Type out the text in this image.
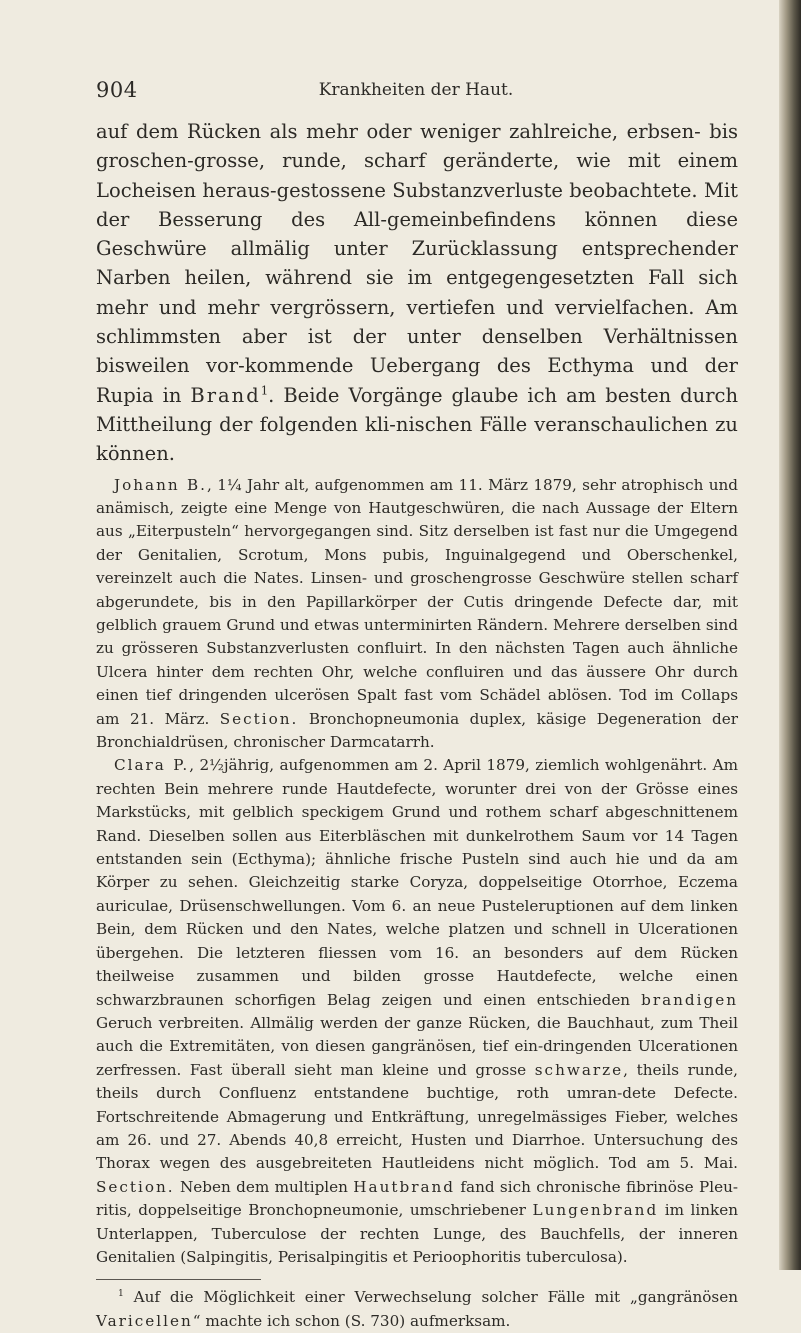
904	Krankheiten der Haut.

auf dem Rücken als mehr oder weniger zahlreiche, erbsen- bis groschen-grosse, runde, scharf geränderte, wie mit einem Locheisen heraus-gestossene Substanzverluste beobachtete. Mit der Besserung des All-gemeinbefindens können diese Geschwüre allmälig unter Zurücklassung entsprechender Narben heilen, während sie im entgegengesetzten Fall sich mehr und mehr vergrössern, vertiefen und vervielfachen. Am schlimmsten aber ist der unter denselben Verhältnissen bisweilen vor-kommende Uebergang des Ecthyma und der Rupia in Brand$^1$. Beide Vorgänge glaube ich am besten durch Mittheilung der folgenden kli-nischen Fälle veranschaulichen zu können.

Johann B., 1¼ Jahr alt, aufgenommen am 11. März 1879, sehr atrophisch und anämisch, zeigte eine Menge von Hautgeschwüren, die nach Aussage der Eltern aus „Eiterpusteln“ hervorgegangen sind. Sitz derselben ist fast nur die Umgegend der Genitalien, Scrotum, Mons pubis, Inguinalgegend und Oberschenkel, vereinzelt auch die Nates. Linsen- und groschengrosse Geschwüre stellen scharf abgerundete, bis in den Papillarkörper der Cutis dringende Defecte dar, mit gelblich grauem Grund und etwas unterminirten Rändern. Mehrere derselben sind zu grösseren Substanzverlusten confluirt. In den nächsten Tagen auch ähnliche Ulcera hinter dem rechten Ohr, welche confluiren und das äussere Ohr durch einen tief dringenden ulcerösen Spalt fast vom Schädel ablösen. Tod im Collaps am 21. März. Section. Bronchopneumonia duplex, käsige Degeneration der Bronchialdrüsen, chronischer Darmcatarrh.

Clara P., 2½jährig, aufgenommen am 2. April 1879, ziemlich wohlgenährt. Am rechten Bein mehrere runde Hautdefecte, worunter drei von der Grösse eines Markstücks, mit gelblich speckigem Grund und rothem scharf abgeschnittenem Rand. Dieselben sollen aus Eiterbläschen mit dunkelrothem Saum vor 14 Tagen entstanden sein (Ecthyma); ähnliche frische Pusteln sind auch hie und da am Körper zu sehen. Gleichzeitig starke Coryza, doppelseitige Otorrhoe, Eczema auriculae, Drüsenschwellungen. Vom 6. an neue Pusteleruptionen auf dem linken Bein, dem Rücken und den Nates, welche platzen und schnell in Ulcerationen übergehen. Die letzteren fliessen vom 16. an besonders auf dem Rücken theilweise zusammen und bilden grosse Hautdefecte, welche einen schwarzbraunen schorfigen Belag zeigen und einen entschieden brandigen Geruch verbreiten. Allmälig werden der ganze Rücken, die Bauchhaut, zum Theil auch die Extremitäten, von diesen gangränösen, tief ein-dringenden Ulcerationen zerfressen. Fast überall sieht man kleine und grosse schwarze, theils runde, theils durch Confluenz entstandene buchtige, roth umran-dete Defecte. Fortschreitende Abmagerung und Entkräftung, unregelmässiges Fieber, welches am 26. und 27. Abends 40,8 erreicht, Husten und Diarrhoe. Untersuchung des Thorax wegen des ausgebreiteten Hautleidens nicht möglich. Tod am 5. Mai. Section. Neben dem multiplen Hautbrand fand sich chronische fibrinöse Pleu-ritis, doppelseitige Bronchopneumonie, umschriebener Lungenbrand im linken Unterlappen, Tuberculose der rechten Lunge, des Bauchfells, der inneren Genitalien (Salpingitis, Perisalpingitis et Perioophoritis tuberculosa).

$^1$ Auf die Möglichkeit einer Verwechselung solcher Fälle mit „gangränösen Varicellen“ machte ich schon (S. 730) aufmerksam.
